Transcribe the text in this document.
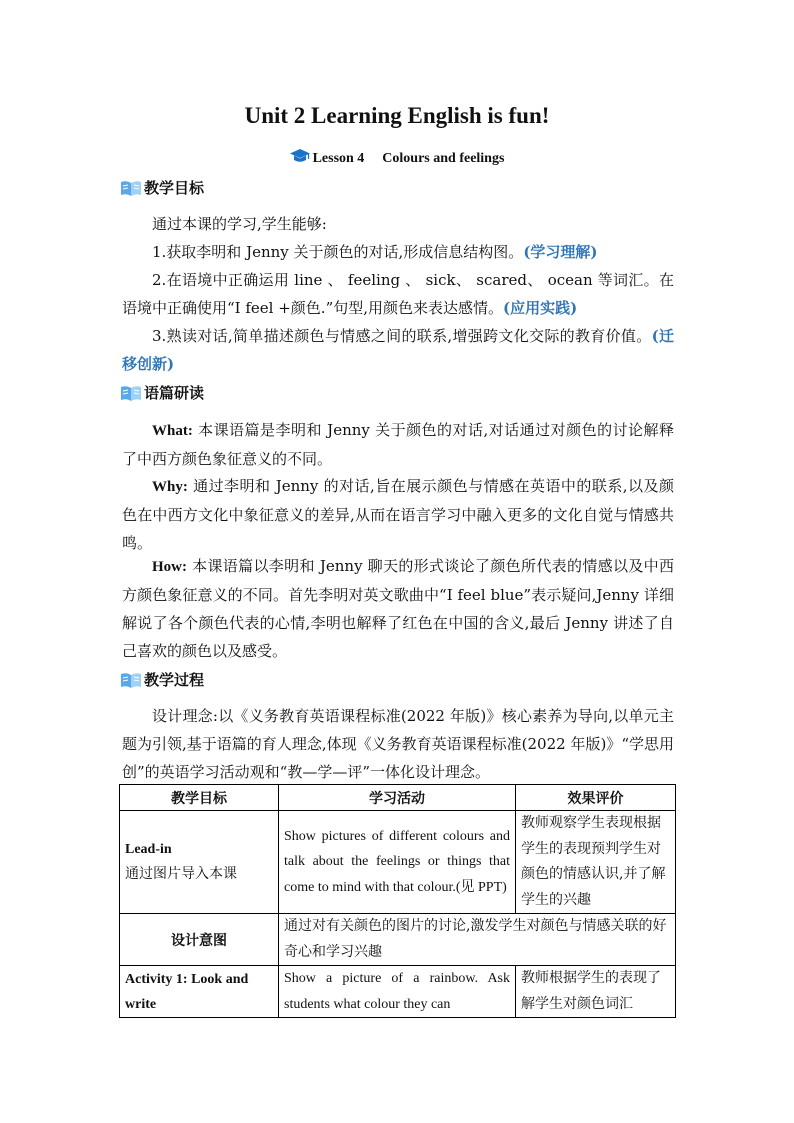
Unit 2 Learning English is fun!
Lesson 4 Colours and feelings
教学目标
通过本课的学习,学生能够:
1.获取李明和 Jenny 关于颜色的对话,形成信息结构图。(学习理解)
2.在语境中正确运用 line 、 feeling 、 sick、 scared、 ocean 等词汇。在语境中正确使用“I feel +颜色.”句型,用颜色来表达感情。(应用实践)
3.熟读对话,简单描述颜色与情感之间的联系,增强跨文化交际的教育价值。(迁移创新)
语篇研读
What: 本课语篇是李明和 Jenny 关于颜色的对话,对话通过对颜色的讨论解释了中西方颜色象征意义的不同。
Why: 通过李明和 Jenny 的对话,旨在展示颜色与情感在英语中的联系,以及颜色在中西方文化中象征意义的差异,从而在语言学习中融入更多的文化自觉与情感共鸣。
How: 本课语篇以李明和 Jenny 聊天的形式谈论了颜色所代表的情感以及中西方颜色象征意义的不同。首先李明对英文歌曲中“I feel blue”表示疑问,Jenny 详细解说了各个颜色代表的心情,李明也解释了红色在中国的含义,最后 Jenny 讲述了自己喜欢的颜色以及感受。
教学过程
设计理念:以《义务教育英语课程标准(2022 年版)》核心素养为导向,以单元主题为引领,基于语篇的育人理念,体现《义务教育英语课程标准(2022 年版)》“学思用创”的英语学习活动观和“教—学—评”一体化设计理念。
教学目标	学习活动	效果评价

Lead-in
通过图片导入本课	Show pictures of different colours and talk about the feelings or things that come to mind with that colour.(见 PPT)	教师观察学生表现根据学生的表现预判学生对颜色的情感认识,并了解学生的兴趣
设计意图	通过对有关颜色的图片的讨论,激发学生对颜色与情感关联的好奇心和学习兴趣	
Activity 1: Look and write	Show a picture of a rainbow. Ask students what colour they can	教师根据学生的表现了解学生对颜色词汇
